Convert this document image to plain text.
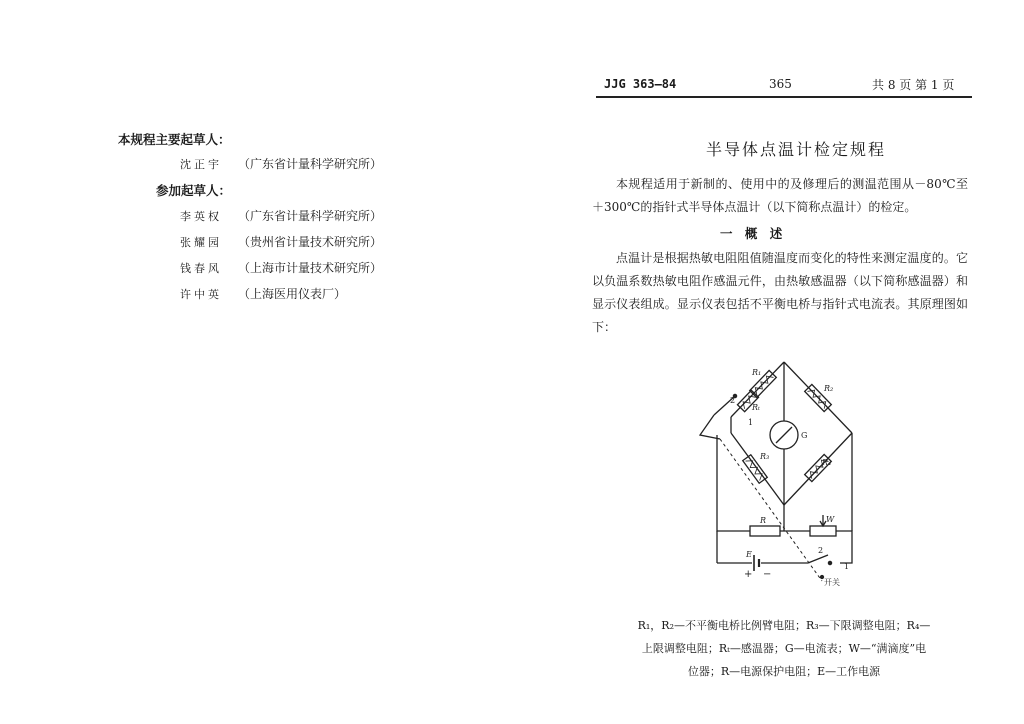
本规程主要起草人：
沈正宇 （广东省计量科学研究所）
参加起草人：
李英权 （广东省计量科学研究所）
张耀园 （贵州省计量技术研究所）
钱春风 （上海市计量技术研究所）
许中英 （上海医用仪表厂）
JJG 363—84	365	共 8 页 第 1 页
半导体点温计检定规程
本规程适用于新制的、使用中的及修理后的测温范围从－80℃至＋300℃的指针式半导体点温计（以下简称点温计）的检定。
一 概 述
点温计是根据热敏电阻阻值随温度而变化的特性来测定温度的。它以负温系数热敏电阻作感温元件，由热敏感温器（以下简称感温器）和显示仪表组成。显示仪表包括不平衡电桥与指针式电流表。其原理图如下：
R₁
R₂
R₃
R₄
Rₜ
G
W
R
E
1
2
2
1
开关
+ −
R₁，R₂—不平衡电桥比例臂电阻；R₃—下限调整电阻；R₄—
上限调整电阻；Rₜ—感温器；G—电流表；W—“满滴度”电
位器；R—电源保护电阻；E—工作电源
